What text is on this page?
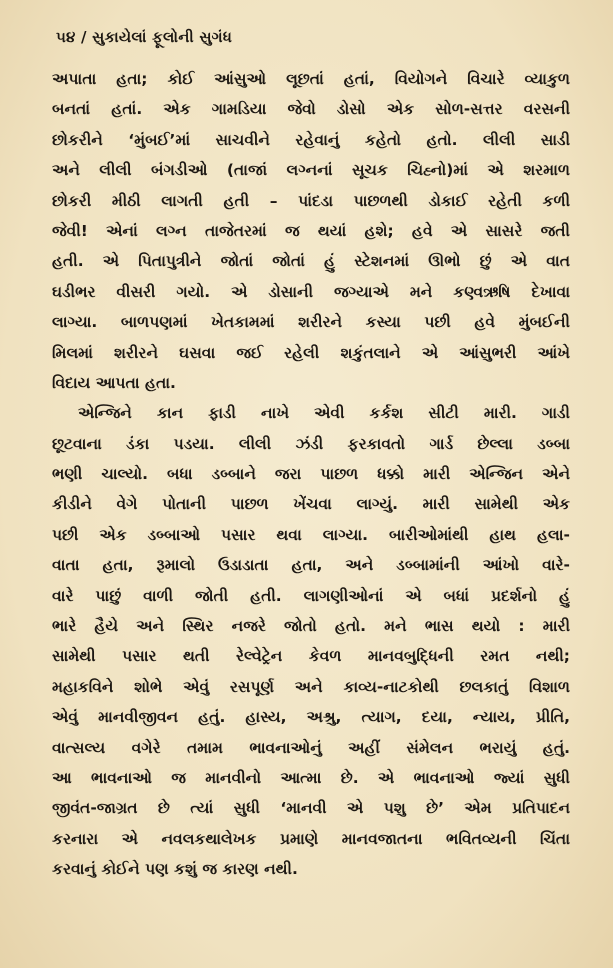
૫૪ / સુકાયેલાં ફૂલોની સુગંધ
અપાતા હતા; કોઈ આંસુઓ લૂછતાં હતાં, વિયોગને વિચારે વ્યાકુળ
બનતાં હતાં. એક ગામડિયા જેવો ડોસો એક સોળ-સત્તર વરસની
છોકરીને ‘મુંબઈ’માં સાચવીને રહેવાનું કહેતો હતો. લીલી સાડી
અને લીલી બંગડીઓ (તાજાં લગ્નનાં સૂચક ચિહ્નો)માં એ શરમાળ
છોકરી મીઠી લાગતી હતી – પાંદડા પાછળથી ડોકાઈ રહેતી કળી
જેવી! એનાં લગ્ન તાજેતરમાં જ થયાં હશે; હવે એ સાસરે જતી
હતી. એ પિતાપુત્રીને જોતાં જોતાં હું સ્ટેશનમાં ઊભો છું એ વાત
ઘડીભર વીસરી ગયો. એ ડોસાની જગ્યાએ મને કણ્વઋષિ દેખાવા
લાગ્યા. બાળપણમાં ખેતકામમાં શરીરને કસ્યા પછી હવે મુંબઈની
મિલમાં શરીરને ઘસવા જઈ રહેલી શકુંતલાને એ આંસુભરી આંખે
વિદાય આપતા હતા.
એન્જિને કાન ફાડી નાખે એવી કર્કશ સીટી મારી. ગાડી
છૂટવાના ડંકા પડયા. લીલી ઝંડી ફરકાવતો ગાર્ડ છેલ્લા ડબ્બા
ભણી ચાલ્યો. બધા ડબ્બાને જરા પાછળ ધક્કો મારી એન્જિન એને
કીડીને વેગે પોતાની પાછળ ખેંચવા લાગ્યું. મારી સામેથી એક
પછી એક ડબ્બાઓ પસાર થવા લાગ્યા. બારીઓમાંથી હાથ હલા-
વાતા હતા, રૂમાલો ઉડાડાતા હતા, અને ડબ્બામાંની આંખો વારે-
વારે પાછું વાળી જોતી હતી. લાગણીઓનાં એ બધાં પ્રદર્શનો હું
ભારે હૈયે અને સ્થિર નજરે જોતો હતો. મને ભાસ થયો : મારી
સામેથી પસાર થતી રેલ્વેટ્રેન કેવળ માનવબુદ્ધિની રમત નથી;
મહાકવિને શોભે એવું રસપૂર્ણ અને કાવ્ય-નાટકોથી છલકાતું વિશાળ
એવું માનવીજીવન હતું. હાસ્ય, અશ્રુ, ત્યાગ, દયા, ન્યાય, પ્રીતિ,
વાત્સલ્ય વગેરે તમામ ભાવનાઓનું અહીં સંમેલન ભરાયું હતું.
આ ભાવનાઓ જ માનવીનો આત્મા છે. એ ભાવનાઓ જ્યાં સુધી
જીવંત-જાગ્રત છે ત્યાં સુધી ‘માનવી એ પશુ છે’ એમ પ્રતિપાદન
કરનારા એ નવલકથાલેખક પ્રમાણે માનવજાતના ભવિતવ્યની ચિંતા
કરવાનું કોઈને પણ કશું જ કારણ નથી.
